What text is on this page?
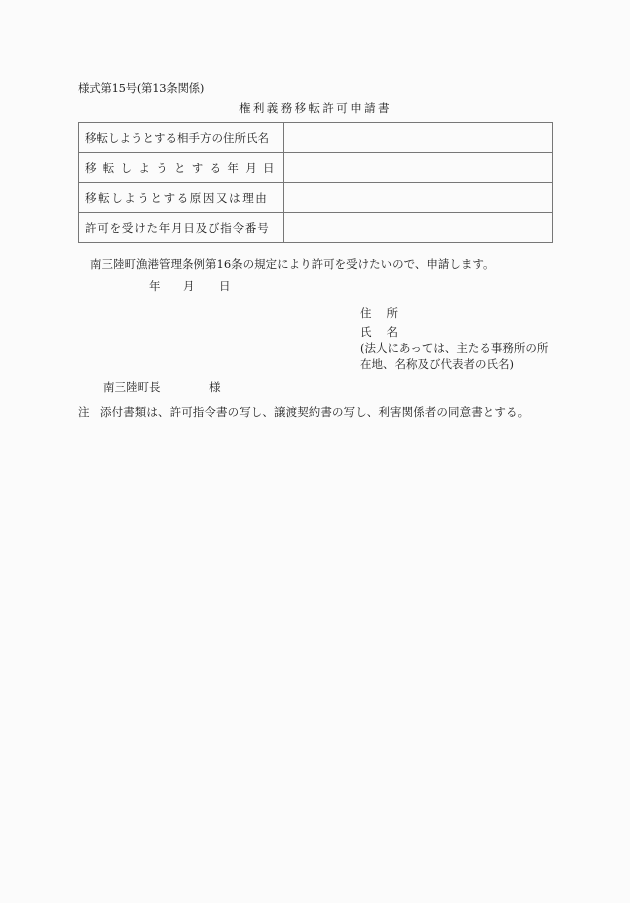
様式第15号(第13条関係)
権利義務移転許可申請書
移転しようとする相手方の住所氏名	

移転しようとする年月日	

移転しようとする原因又は理由	

許可を受けた年月日及び指令番号	
南三陸町漁港管理条例第16条の規定により許可を受けたいので、申請します。
年 月 日
住 所
氏 名
(法人にあっては、主たる事務所の所
在地、名称及び代表者の氏名)
南三陸町長	様
注 添付書類は、許可指令書の写し、譲渡契約書の写し、利害関係者の同意書とする。
